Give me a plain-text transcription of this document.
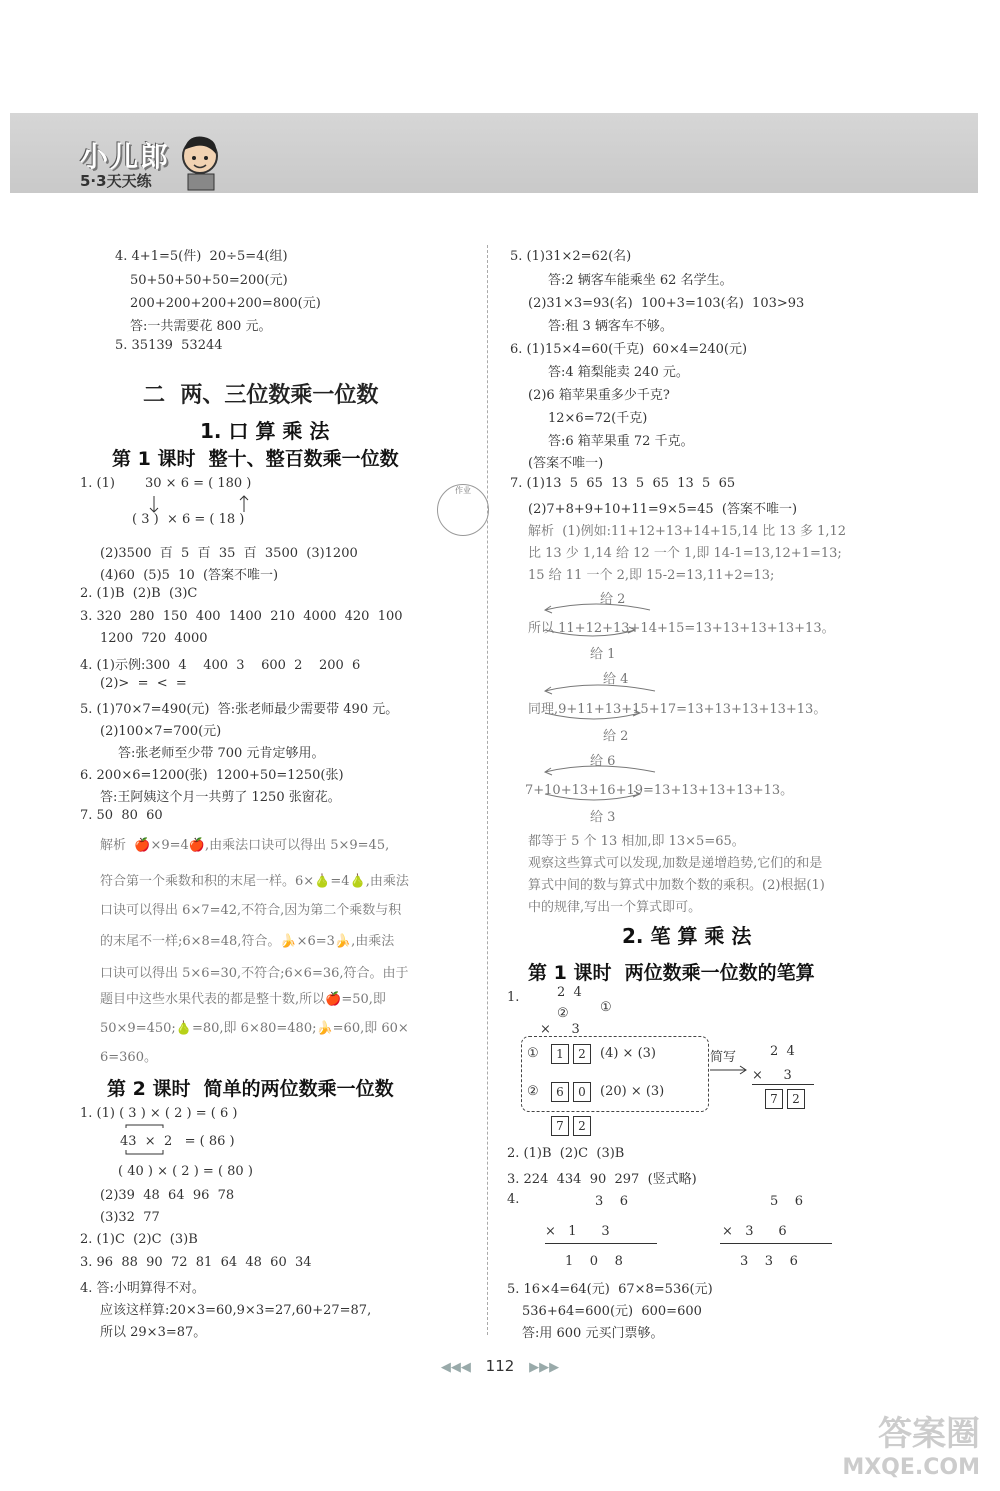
小儿郎
5·3天天练
4. 4+1=5(件)  20÷5=4(组)
50+50+50+50=200(元)
200+200+200+200=800(元)
答:一共需要花 800 元。
5. 35139  53244
二  两、三位数乘一位数
1. 口 算 乘 法
第 1 课时  整十、整百数乘一位数
1. (1) 30 × 6 = ( 180 )
( 3 )  × 6 = ( 18 )
作业
(2)3500  百  5  百  35  百  3500  (3)1200
(4)60  (5)5  10  (答案不唯一)
2. (1)B  (2)B  (3)C
3. 320  280  150  400  1400  210  4000  420  100
1200  720  4000
4. (1)示例:300  4    400  3    600  2    200  6
(2)>  =  <  =
5. (1)70×7=490(元)  答:张老师最少需要带 490 元。
(2)100×7=700(元)
答:张老师至少带 700 元肯定够用。
6. 200×6=1200(张)  1200+50=1250(张)
答:王阿姨这个月一共剪了 1250 张窗花。
7. 50  80  60
解析  🍎×9=4🍎,由乘法口诀可以得出 5×9=45,
符合第一个乘数和积的末尾一样。6×🍐=4🍐,由乘法
口诀可以得出 6×7=42,不符合,因为第二个乘数与积
的末尾不一样;6×8=48,符合。🍌×6=3🍌,由乘法
口诀可以得出 5×6=30,不符合;6×6=36,符合。由于
题目中这些水果代表的都是整十数,所以🍎=50,即
50×9=450;🍐=80,即 6×80=480;🍌=60,即 60×
6=360。
第 2 课时  简单的两位数乘一位数
1. (1) ( 3 ) × ( 2 ) = ( 6 )
43  ×  2   = ( 86 )
( 40 ) × ( 2 ) = ( 80 )
(2)39  48  64  96  78
(3)32  77
2. (1)C  (2)C  (3)B
3. 96  88  90  72  81  64  48  60  34
4. 答:小明算得不对。
应该这样算:20×3=60,9×3=27,60+27=87,
所以 29×3=87。
5. (1)31×2=62(名)
答:2 辆客车能乘坐 62 名学生。
(2)31×3=93(名)  100+3=103(名)  103>93
答:租 3 辆客车不够。
6. (1)15×4=60(千克)  60×4=240(元)
答:4 箱梨能卖 240 元。
(2)6 箱苹果重多少千克?
12×6=72(千克)
答:6 箱苹果重 72 千克。
(答案不唯一)
7. (1)13  5  65  13  5  65  13  5  65
(2)7+8+9+10+11=9×5=45  (答案不唯一)
解析  (1)例如:11+12+13+14+15,14 比 13 多 1,12
比 13 少 1,14 给 12 一个 1,即 14-1=13,12+1=13;
15 给 11 一个 2,即 15-2=13,11+2=13;
给 2
所以 11+12+13+14+15=13+13+13+13+13。
给 1
给 4
同理,9+11+13+15+17=13+13+13+13+13。
给 2
给 6
7+10+13+16+19=13+13+13+13+13。
给 3
都等于 5 个 13 相加,即 13×5=65。
观察这些算式可以发现,加数是递增趋势,它们的和是
算式中间的数与算式中加数个数的乘积。(2)根据(1)
中的规律,写出一个算式即可。
2. 笔 算 乘 法
第 1 课时  两位数乘一位数的笔算
1.	2  4
①
②
×     3
①	1 2	(4) × (3)
②	6 0	(20) × (3)
7 2
简写	2  4
×     3
7 2
2. (1)B  (2)C  (3)B
3. 224  434  90  297  (竖式略)
4.	3    6
×   1      3
1    0    8
5    6
×   3      6
3    3    6
5. 16×4=64(元)  67×8=536(元)
536+64=600(元)  600=600
答:用 600 元买门票够。
◀◀◀ 112 ▶▶▶
答案圈
MXQE.COM
